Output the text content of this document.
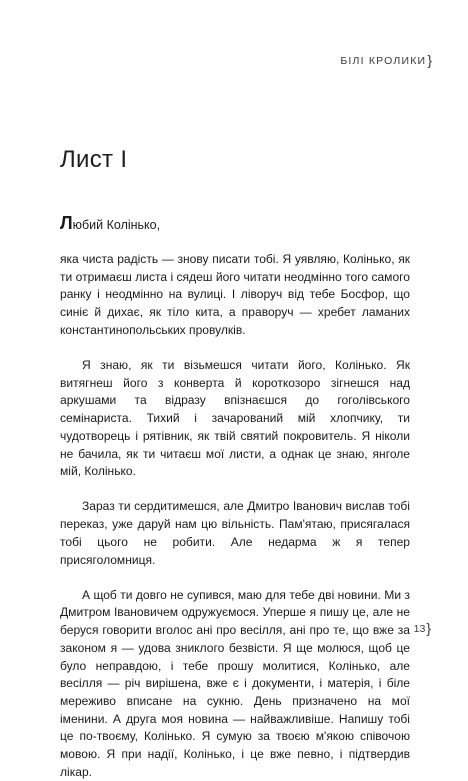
БІЛІ КРОЛИКИ}
Лист І

Любий Колінько,

яка чиста радість — знову писати тобі. Я уявляю, Колінько, як ти отримаєш листа і сядеш його читати неодмінно того самого ранку і неодмінно на вулиці. І ліворуч від тебе Босфор, що синіє й дихає, як тіло кита, а праворуч — хребет ламаних константинопольських провулків.

Я знаю, як ти візьмешся читати його, Колінько. Як витягнеш його з конверта й короткозоро зігнешся над аркушами та відразу впізнаєшся до гоголівського семінариста. Тихий і зачарований мій хлопчику, ти чудотворець і рятівник, як твій святий покровитель. Я ніколи не бачила, як ти читаєш мої листи, а однак це знаю, янголе мій, Колінько.

Зараз ти сердитимешся, але Дмитро Іванович вислав тобі переказ, уже даруй нам цю вільність. Пам'ятаю, присягалася тобі цього не робити. Але недарма ж я тепер присяголомниця.

А щоб ти довго не супився, маю для тебе дві новини. Ми з Дмитром Івановичем одружуємося. Уперше я пишу це, але не беруся говорити вголос ані про весілля, ані про те, що вже за законом я — удова зниклого безвісти. Я ще молюся, щоб це було неправдою, і тебе прошу молитися, Колінько, але весілля — річ вирішена, вже є і документи, і матерія, і біле мереживо вписане на сукню. День призначено на мої іменини. А друга моя новина — найважливіше. Напишу тобі це по-твоєму, Колінько. Я сумую за твоєю м'якою співочою мовою. Я при надії, Колінько, і це вже певно, і підтвердив лікар.

13}
